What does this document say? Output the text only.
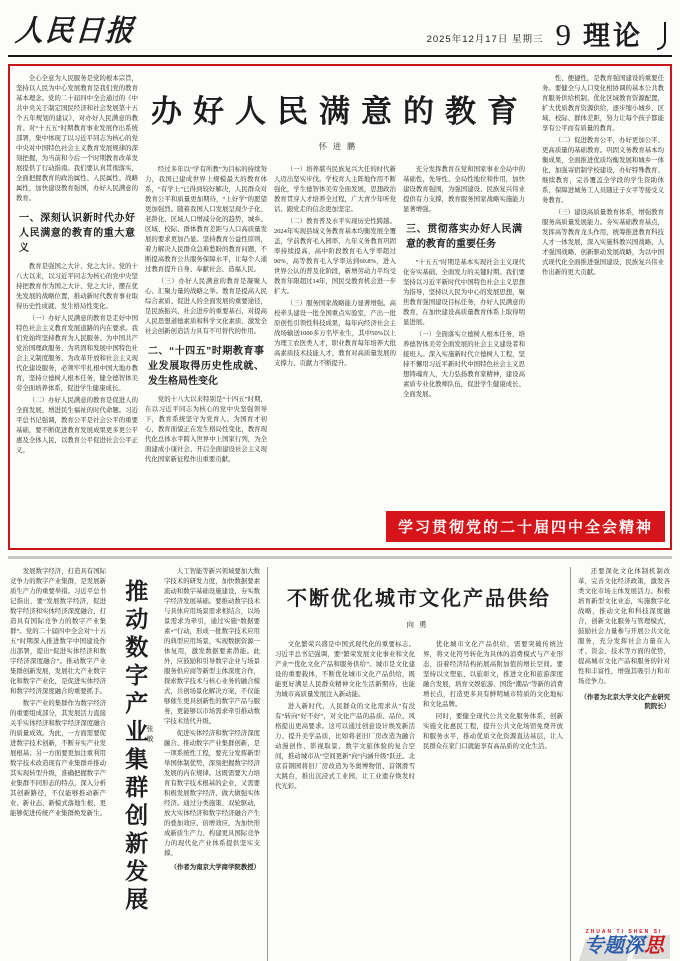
人民日报	2025年12月17日 星期三 9 理论

全心全意为人民服务是党的根本宗旨，坚持以人民为中心发展教育是我们党的教育基本理念。党的二十届四中全会通过的《中共中央关于制定国民经济和社会发展第十五个五年规划的建议》，对办好人民满意的教育、对“十五五”时期教育事业发展作出系统部署，集中体现了以习近平同志为核心的党中央对中国特色社会主义教育发展规律的深刻把握，为当前和今后一个时期教育改革发展提供了行动指南。我们要认真贯彻落实，全面把握教育的政治属性、人民属性、战略属性，加快建设教育强国，办好人民满意的教育。

一、深刻认识新时代办好人民满意的教育的重大意义

教育是强国之大计、党之大计。党的十八大以来，以习近平同志为核心的党中央坚持把教育作为国之大计、党之大计，摆在优先发展的战略位置，推动新时代教育事业取得历史性成就、发生格局性变化。

（一）办好人民满意的教育是走好中国特色社会主义教育发展道路的内在要求。我们党始终坚持教育为人民服务、为中国共产党治国理政服务、为巩固和发展中国特色社会主义制度服务、为改革开放和社会主义现代化建设服务，必须牢牢扎根中国大地办教育，坚持立德树人根本任务，健全德智体美劳全面培养体系，促进学生健康成长。

（二）办好人民满意的教育是促进人的全面发展、增进民生福祉的时代命题。习近平总书记强调，教育公平是社会公平的重要基础，要不断促进教育发展成果更多更公平惠及全体人民，以教育公平促进社会公平正义。

办好人民满意的教育
怀进鹏

经过多年以“学有所教”为目标的持续努力，我国已建成世界上规模最大的教育体系，“有学上”已得到较好解决，人民群众对教育公平和质量更加期待，“上好学”的愿望更加强烈。随着我国人口发展呈现少子化、老龄化、区域人口增减分化的趋势，城乡、区域、校际、群体教育差距与人口高质量发展的要求更加凸显。坚持教育公益性原则，着力解决人民群众急难愁盼的教育问题，不断提高教育公共服务保障水平，让每个人通过教育提升自身、奉献社会、造福人民。

（三）办好人民满意的教育是凝聚人心、汇聚力量的战略之举。教育是提高人民综合素质、促进人的全面发展的重要途径，是民族振兴、社会进步的重要基石，对提高人民思想道德素质和科学文化素质、激发全社会创新创造活力具有不可替代的作用。

二、“十四五”时期教育事业发展取得历史性成就、发生格局性变化

党的十八大以来特别是“十四五”时期，在以习近平同志为核心的党中央坚强领导下，教育系统坚守为党育人、为国育才初心，教育面貌正在发生格局性变化，教育现代化总体水平跨入世界中上国家行列，为全面建成小康社会、开启全面建设社会主义现代化国家新征程作出重要贡献。

（一）培养堪当民族复兴大任的时代新人迈出坚实步伐。学校育人主阵地作用不断强化，学生德智体美劳全面发展，思想政治教育贯穿人才培养全过程，广大青少年听党话、跟党走的信念更加坚定。

（二）教育普及水平实现历史性跨越。2024年实现县域义务教育基本均衡发展全覆盖，学前教育毛入园率、九年义务教育巩固率持续提高，高中阶段教育毛入学率超过90%，高等教育毛入学率达到60.8%，进入世界公认的普及化阶段，新增劳动力平均受教育年限超过14年，国民受教育机会进一步扩大。

（三）服务国家战略能力显著增强。高校牵头建设一批全国重点实验室，产出一批原创性引领性科技成果，每年向经济社会主战场输送1000多万名毕业生，其中50%以上为理工农医类人才，职业教育每年培养大批高素质技术技能人才，教育对高质量发展的支撑力、贡献力不断提升。

充分发挥教育在党和国家事业全局中的基础性、先导性、全局性地位和作用，加快建设教育强国，为强国建设、民族复兴伟业提供有力支撑，教育服务国家战略实施能力显著增强。

三、贯彻落实办好人民满意的教育的重要任务

“十五五”时期是基本实现社会主义现代化夯实基础、全面发力的关键时期。我们要坚持以习近平新时代中国特色社会主义思想为指导，坚持以人民为中心的发展思想，聚焦教育强国建设目标任务，办好人民满意的教育，在加快建设高质量教育体系上取得明显进展。

（一）全面落实立德树人根本任务，培养德智体美劳全面发展的社会主义建设者和接班人。深入实施新时代立德树人工程，坚持不懈用习近平新时代中国特色社会主义思想铸魂育人，大力弘扬教育家精神，建设高素质专业化教师队伍，促进学生健康成长、全面发展。

性、便捷性，是教育强国建设的重要任务。要健全与人口变化相协调的基本公共教育服务供给机制，优化区域教育资源配置，扩大优质教育资源供给，逐步缩小城乡、区域、校际、群体差距，努力让每个孩子都能享有公平而有质量的教育。

（二）促进教育公平，办好更加公平、更高质量的基础教育。巩固义务教育基本均衡成果，全面推进优质均衡发展和城乡一体化，加强寄宿制学校建设，办好特殊教育、继续教育，完善覆盖全学段的学生资助体系，保障进城务工人员随迁子女平等接受义务教育。

（三）建设高质量教育体系，增强教育服务高质量发展能力。夯实基础教育基点，发挥高等教育龙头作用，统筹推进教育科技人才一体发展，深入实施科教兴国战略、人才强国战略、创新驱动发展战略，为以中国式现代化全面推进强国建设、民族复兴伟业作出新的更大贡献。

学习贯彻党的二十届四中全会精神

发展数字经济，打造具有国际竞争力的数字产业集群，是发展新质生产力的重要举措。习近平总书记指出，要“发展数字经济，促进数字经济和实体经济深度融合，打造具有国际竞争力的数字产业集群”。党的二十届四中全会对“十五五”时期深入推进数字中国建设作出部署，提出“促进实体经济和数字经济深度融合”。推动数字产业集群创新发展，发展壮大产业数字化和数字产业化，是促进实体经济和数字经济深度融合的重要抓手。

数字产业的集群作为数字经济的重要组成部分，其发展活力直接关乎实体经济和数字经济深度融合的质量成效。为此，一方面需要促进数字技术创新，不断夯实产业发展根基；另一方面要更加注重利用数字技术改造现有产业集群并推动其实现转型升级，准确把握数字产业集群不同形态的特点，深入分析其创新路径，不仅能够推动新产业、新业态、新模式落地生根，更能够促进传统产业集群焕发新生。 推动数字产业集群创新发展
张敏

人工智能等新兴领域要加大数字技术的研发力度，加快数据要素流动和数字基础设施建设，夯实数字经济发展基础。要推动数字技术与具体应用场景需求相结合，以场景需求为牵引，通过实施“数据要素×”行动，形成一批数字技术应用的典型应用场景，实现数据资源一体复用，激发数据要素潜能。此外，应鼓励和引导数字企业与场景服务供应商等新型主体深度合作，探索数字技术与核心业务的融合模式，共创场景化解决方案，不仅能够催生更具创新性的数字产品与服务，更能够以市场需求牵引推动数字技术迭代升级。

促进实体经济和数字经济深度融合、推动数字产业集群创新，是一项系统性工程，要充分发挥新型举国体制优势，深刻把握数字经济发展的内在规律。这既需要大力培育有数字技术根基的企业，又需要积极发展数字经济、做大做强实体经济。通过分类施策、双轮驱动，放大实体经济和数字经济融合产生的叠加效应、倍增效应，为加快形成新质生产力、构建更具国际竞争力的现代化产业体系提供坚实支撑。

（作者为南京大学商学院教授）
不断优化城市文化产品供给
向勇

文化繁荣兴盛是中国式现代化的重要标志。习近平总书记强调，要“繁荣发展文化事业和文化产业”“优化文化产品和服务供给”。城市是文化建设的重要载体，不断优化城市文化产品供给，既能更好满足人民群众精神文化生活新期待，也能为城市高质量发展注入新动能。

进入新时代，人民群众的文化需求从“有没有”转向“好不好”，对文化产品的品质、品位、风格提出更高要求。这可以通过创意设计焕发新活力、提升美学品质，比如将老旧厂房改造为融合动漫创作、影视取景、数字文旅体验的复合空间，推动城市从“空间更新”向“内涵升级”跃迁。北京首钢园将旧厂房改造为冬奥博物馆、首钢滑雪大跳台，推出沉浸式工业园，让工业遗存焕发时代光彩。

优化城市文化产品供给，需要突破传统边界，将文化符号转化为具体的消费模式与产业形态，沿着经济结构拓展高附加值的增长空间。要坚持以文塑旅、以旅彰文，推进文化和旅游深度融合发展，培育文娱旅游、国货“潮品”等新的消费增长点，打造更多具有鲜明城市特质的文化地标和文化品牌。

同时，要健全现代公共文化服务体系，创新实施文化惠民工程，提升公共文化场馆免费开放和服务水平，推动优质文化资源直达基层，让人民群众在家门口就能享有高品质的文化生活。

还要深化文化体制机制改革，完善文化经济政策，激发各类文化市场主体发展活力。积极培育新型文化业态，实施数字化战略，推动文化和科技深度融合，创新文化服务与管理模式，鼓励社会力量参与开展公共文化服务，充分发挥社会力量在人才、资金、技术等方面的优势，提高城市文化产品和服务的针对性和丰富性，增强其吸引力和市场竞争力。

（作者为北京大学文化产业研究院院长）
ZHUAN TI SHEN SI
专题深思
